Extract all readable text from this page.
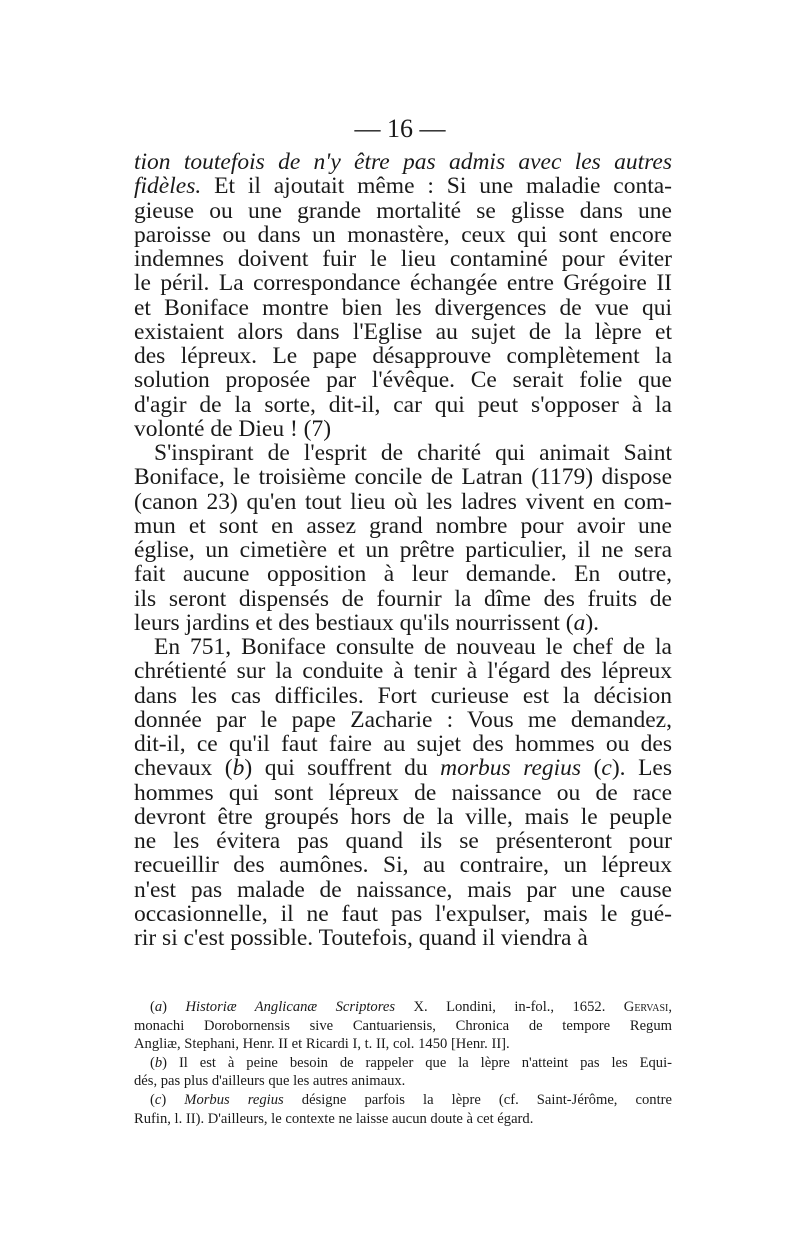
— 16 —
tion toutefois de n'y être pas admis avec les autres
fidèles. Et il ajoutait même : Si une maladie conta-
gieuse ou une grande mortalité se glisse dans une
paroisse ou dans un monastère, ceux qui sont encore
indemnes doivent fuir le lieu contaminé pour éviter
le péril. La correspondance échangée entre Grégoire II
et Boniface montre bien les divergences de vue qui
existaient alors dans l'Eglise au sujet de la lèpre et
des lépreux. Le pape désapprouve complètement la
solution proposée par l'évêque. Ce serait folie que
d'agir de la sorte, dit-il, car qui peut s'opposer à la
volonté de Dieu ! (7)
S'inspirant de l'esprit de charité qui animait Saint
Boniface, le troisième concile de Latran (1179) dispose
(canon 23) qu'en tout lieu où les ladres vivent en com-
mun et sont en assez grand nombre pour avoir une
église, un cimetière et un prêtre particulier, il ne sera
fait aucune opposition à leur demande. En outre,
ils seront dispensés de fournir la dîme des fruits de
leurs jardins et des bestiaux qu'ils nourrissent (a).
En 751, Boniface consulte de nouveau le chef de la
chrétienté sur la conduite à tenir à l'égard des lépreux
dans les cas difficiles. Fort curieuse est la décision
donnée par le pape Zacharie : Vous me demandez,
dit-il, ce qu'il faut faire au sujet des hommes ou des
chevaux (b) qui souffrent du morbus regius (c). Les
hommes qui sont lépreux de naissance ou de race
devront être groupés hors de la ville, mais le peuple
ne les évitera pas quand ils se présenteront pour
recueillir des aumônes. Si, au contraire, un lépreux
n'est pas malade de naissance, mais par une cause
occasionnelle, il ne faut pas l'expulser, mais le gué-
rir si c'est possible. Toutefois, quand il viendra à
(a) Historiæ Anglicanæ Scriptores X. Londini, in-fol., 1652. Gervasi,
monachi Dorobornensis sive Cantuariensis, Chronica de tempore Regum
Angliæ, Stephani, Henr. II et Ricardi I, t. II, col. 1450 [Henr. II].
(b) Il est à peine besoin de rappeler que la lèpre n'atteint pas les Equi-
dés, pas plus d'ailleurs que les autres animaux.
(c) Morbus regius désigne parfois la lèpre (cf. Saint-Jérôme, contre
Rufin, l. II). D'ailleurs, le contexte ne laisse aucun doute à cet égard.
